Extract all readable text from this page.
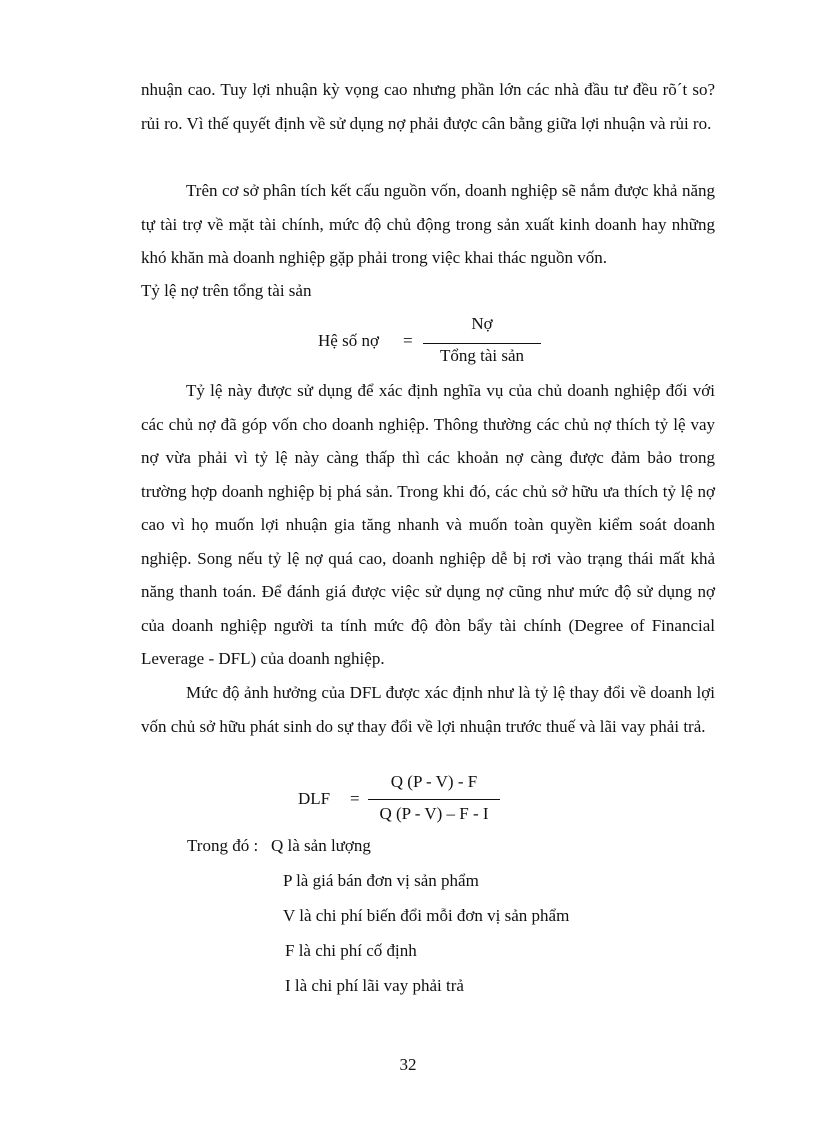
nhuận cao. Tuy lợi nhuận kỳ vọng cao nhưng phần lớn các nhà đầu tư đều rõ´t so? rủi ro. Vì thế quyết định về sử dụng nợ phải được cân bằng giữa lợi nhuận và rủi ro.

Trên cơ sở phân tích kết cấu nguồn vốn, doanh nghiệp sẽ nắm được khả năng tự tài trợ về mặt tài chính, mức độ chủ động trong sản xuất kinh doanh hay những khó khăn mà doanh nghiệp gặp phải trong việc khai thác nguồn vốn.

Tỷ lệ nợ trên tổng tài sản

Hệ số nợ =
Nợ
Tổng tài sản

Tỷ lệ này được sử dụng để xác định nghĩa vụ của chủ doanh nghiệp đối với các chủ nợ đã góp vốn cho doanh nghiệp. Thông thường các chủ nợ thích tỷ lệ vay nợ vừa phải vì tỷ lệ này càng thấp thì các khoản nợ càng được đảm bảo trong trường hợp doanh nghiệp bị phá sản. Trong khi đó, các chủ sở hữu ưa thích tỷ lệ nợ cao vì họ muốn lợi nhuận gia tăng nhanh và muốn toàn quyền kiểm soát doanh nghiệp. Song nếu tỷ lệ nợ quá cao, doanh nghiệp dễ bị rơi vào trạng thái mất khả năng thanh toán. Để đánh giá được việc sử dụng nợ cũng như mức độ sử dụng nợ của doanh nghiệp người ta tính mức độ đòn bẩy tài chính (Degree of Financial Leverage - DFL) của doanh nghiệp.

Mức độ ảnh hưởng của DFL được xác định như là tỷ lệ thay đổi về doanh lợi vốn chủ sở hữu phát sinh do sự thay đổi về lợi nhuận trước thuế và lãi vay phải trả.

DLF =
Q (P - V) - F
Q (P - V) – F - I
Trong đó : Q là sản lượng
P là giá bán đơn vị sản phẩm
V là chi phí biến đổi mỗi đơn vị sản phẩm
F là chi phí cố định
I là chi phí lãi vay phải trả
32
